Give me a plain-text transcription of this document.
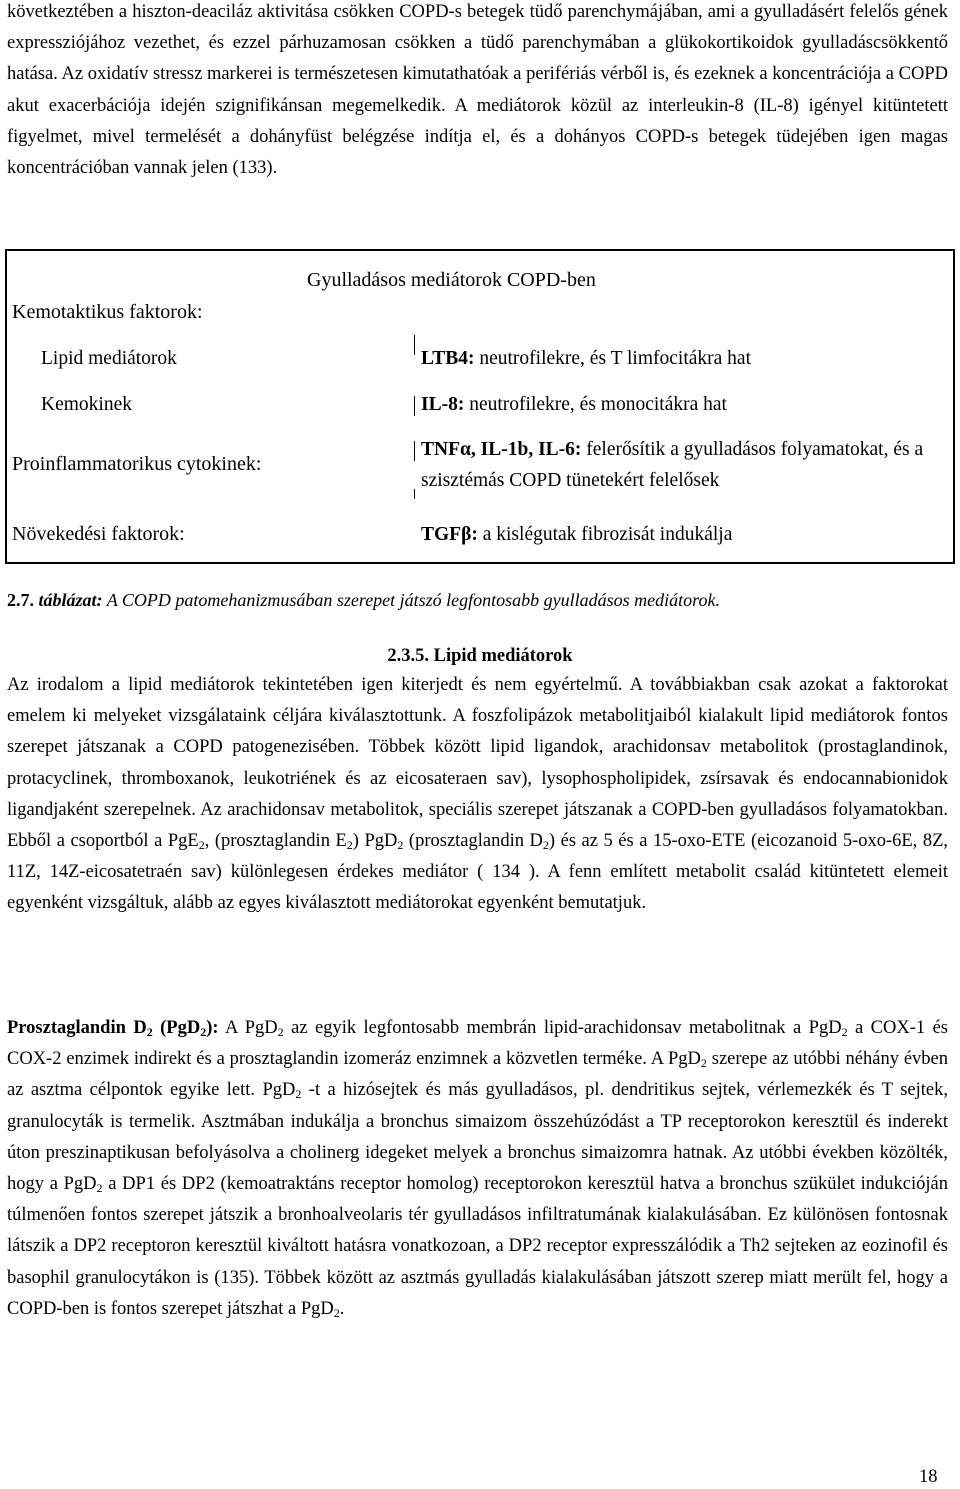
következtében a hiszton-deaciláz aktivitása csökken COPD-s betegek tüdő parenchymájában, ami a gyulladásért felelős gének expressziójához vezethet, és ezzel párhuzamosan csökken a tüdő parenchymában a glükokortikoidok gyulladáscsökkentő hatása. Az oxidatív stressz markerei is természetesen kimutathatóak a perifériás vérből is, és ezeknek a koncentrációja a COPD akut exacerbációja idején szignifikánsan megemelkedik. A mediátorok közül az interleukin-8 (IL-8) igényel kitüntetett figyelmet, mivel termelését a dohányfüst belégzése indítja el, és a dohányos COPD-s betegek tüdejében igen magas koncentrációban vannak jelen (133).

Gyulladásos mediátorok COPD-ben
Kemotaktikus faktorok:
Lipid mediátorok
Kemokinek
Proinflammatorikus cytokinek:
Növekedési faktorok:
LTB4: neutrofilekre, és T limfocitákra hat
IL-8: neutrofilekre, és monocitákra hat
TNFα, IL-1b, IL-6: felerősítik a gyulladásos folyamatokat, és a szisztémás COPD tünetekért felelősek
TGFβ: a kislégutak fibrozisát indukálja
2.7. táblázat: A COPD patomehanizmusában szerepet játszó legfontosabb gyulladásos mediátorok.
2.3.5. Lipid mediátorok

Az irodalom a lipid mediátorok tekintetében igen kiterjedt és nem egyértelmű. A továbbiakban csak azokat a faktorokat emelem ki melyeket vizsgálataink céljára kiválasztottunk. A foszfolipázok metabolitjaiból kialakult lipid mediátorok fontos szerepet játszanak a COPD patogenezisében. Többek között lipid ligandok, arachidonsav metabolitok (prostaglandinok, protacyclinek, thromboxanok, leukotriének és az eicosateraen sav), lysophospholipidek, zsírsavak és endocannabionidok ligandjaként szerepelnek. Az arachidonsav metabolitok, speciális szerepet játszanak a COPD-ben gyulladásos folyamatokban. Ebből a csoportból a PgE$_2$, (prosztaglandin $E_2$) PgD$_2$ (prosztaglandin $D_2$) és az 5 és a 15-oxo-ETE (eicozanoid 5-oxo-6E, 8Z, 11Z, 14Z-eicosatetraén sav) különlegesen érdekes mediátor ( 134 ). A fenn említett metabolit család kitüntetett elemeit egyenként vizsgáltuk, alább az egyes kiválasztott mediátorokat egyenként bemutatjuk.

Prosztaglandin $D_2$ (PgD$_2$): A PgD$_2$ az egyik legfontosabb membrán lipid-arachidonsav metabolitnak a PgD$_2$ a COX-1 és COX-2 enzimek indirekt és a prosztaglandin izomeráz enzimnek a közvetlen terméke. A PgD$_2$ szerepe az utóbbi néhány évben az asztma célpontok egyike lett. PgD$_2$ -t a hizósejtek és más gyulladásos, pl. dendritikus sejtek, vérlemezkék és T sejtek, granulocyták is termelik. Asztmában indukálja a bronchus simaizom összehúzódást a TP receptorokon keresztül és inderekt úton preszinaptikusan befolyásolva a cholinerg idegeket melyek a bronchus simaizomra hatnak. Az utóbbi években közölték, hogy a PgD$_2$ a DP1 és DP2 (kemoatraktáns receptor homolog) receptorokon keresztül hatva a bronchus szükület indukcióján túlmenően fontos szerepet játszik a bronhoalveolaris tér gyulladásos infiltratumának kialakulásában. Ez különösen fontosnak látszik a DP2 receptoron keresztül kiváltott hatásra vonatkozoan, a DP2 receptor expresszálódik a Th2 sejteken az eozinofil és basophil granulocytákon is (135). Többek között az asztmás gyulladás kialakulásában játszott szerep miatt merült fel, hogy a COPD-ben is fontos szerepet játszhat a PgD$_2$.

18
